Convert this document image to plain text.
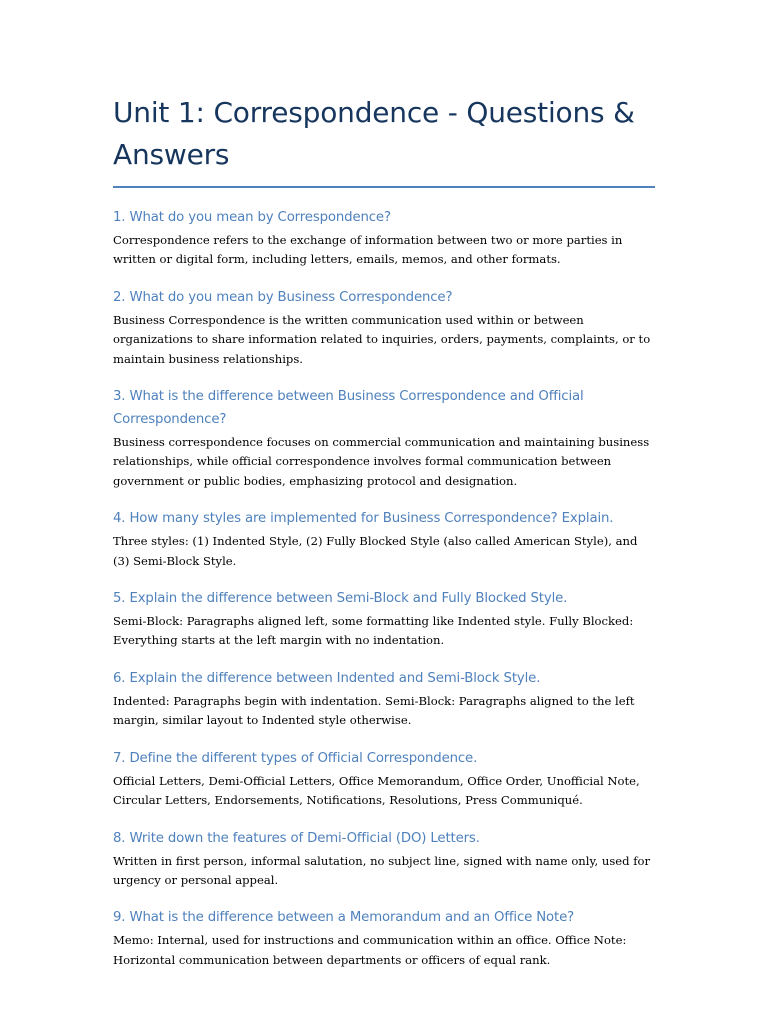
Unit 1: Correspondence - Questions & Answers
1. What do you mean by Correspondence?

Correspondence refers to the exchange of information between two or more parties in written or digital form, including letters, emails, memos, and other formats.

2. What do you mean by Business Correspondence?

Business Correspondence is the written communication used within or between organizations to share information related to inquiries, orders, payments, complaints, or to maintain business relationships.

3. What is the difference between Business Correspondence and Official Correspondence?

Business correspondence focuses on commercial communication and maintaining business relationships, while official correspondence involves formal communication between government or public bodies, emphasizing protocol and designation.

4. How many styles are implemented for Business Correspondence? Explain.

Three styles: (1) Indented Style, (2) Fully Blocked Style (also called American Style), and (3) Semi-Block Style.

5. Explain the difference between Semi-Block and Fully Blocked Style.

Semi-Block: Paragraphs aligned left, some formatting like Indented style. Fully Blocked: Everything starts at the left margin with no indentation.

6. Explain the difference between Indented and Semi-Block Style.

Indented: Paragraphs begin with indentation. Semi-Block: Paragraphs aligned to the left margin, similar layout to Indented style otherwise.

7. Define the different types of Official Correspondence.

Official Letters, Demi-Official Letters, Office Memorandum, Office Order, Unofficial Note, Circular Letters, Endorsements, Notifications, Resolutions, Press Communiqué.

8. Write down the features of Demi-Official (DO) Letters.

Written in first person, informal salutation, no subject line, signed with name only, used for urgency or personal appeal.

9. What is the difference between a Memorandum and an Office Note?

Memo: Internal, used for instructions and communication within an office. Office Note: Horizontal communication between departments or officers of equal rank.
